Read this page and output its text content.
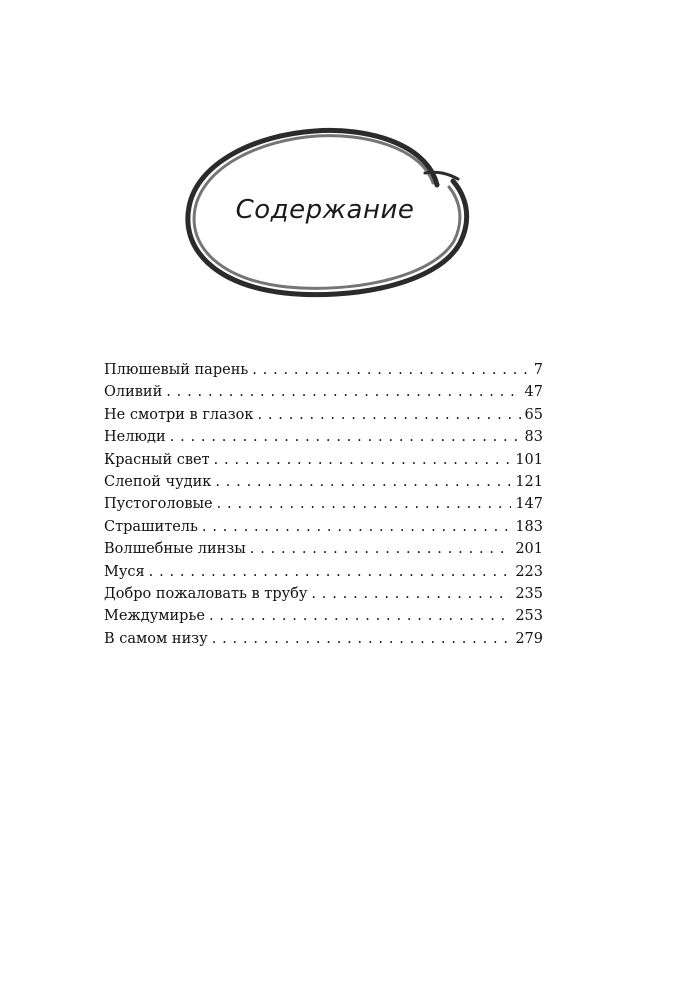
Содержание
Плюшевый парень . . .	7
Оливий . . .	47
Не смотри в глазок . . .	65
Нелюди . . .	83
Красный свет . . .	101
Слепой чудик . . .	121
Пустоголовые . . .	147
Страшитель . . .	183
Волшебные линзы . . .	201
Муся . . .	223
Добро пожаловать в трубу . . .	235
Междумирье . . .	253
В самом низу . . .	279
